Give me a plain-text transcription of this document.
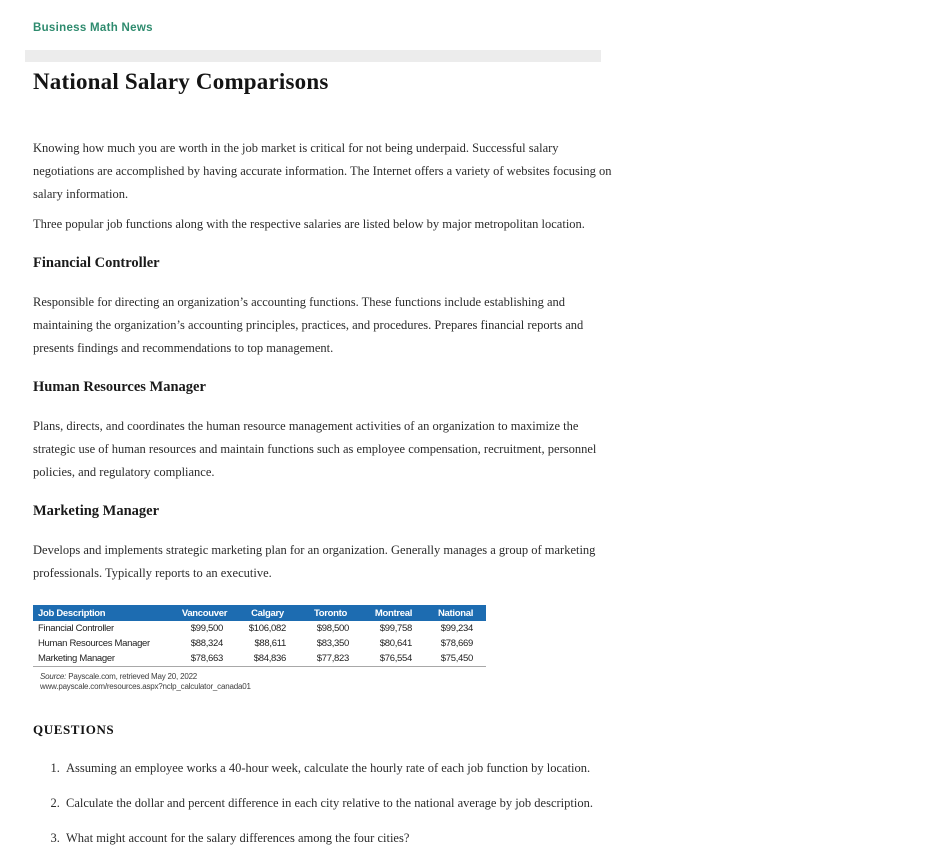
Business Math News
National Salary Comparisons

Knowing how much you are worth in the job market is critical for not being underpaid. Successful salary negotiations are accomplished by having accurate information. The Internet offers a variety of websites focusing on salary information.

Three popular job functions along with the respective salaries are listed below by major metropolitan location.

Financial Controller

Responsible for directing an organization’s accounting functions. These functions include establishing and maintaining the organization’s accounting principles, practices, and procedures. Prepares financial reports and presents findings and recommendations to top management.

Human Resources Manager

Plans, directs, and coordinates the human resource management activities of an organization to maximize the strategic use of human resources and maintain functions such as employee compensation, recruitment, personnel policies, and regulatory compliance.

Marketing Manager

Develops and implements strategic marketing plan for an organization. Generally manages a group of marketing professionals. Typically reports to an executive.

Job Description	Vancouver	Calgary	Toronto	Montreal	National
Financial Controller	$99,500	$106,082	$98,500	$99,758	$99,234
Human Resources Manager	$88,324	$88,611	$83,350	$80,641	$78,669
Marketing Manager	$78,663	$84,836	$77,823	$76,554	$75,450
Source: Payscale.com, retrieved May 20, 2022
www.payscale.com/resources.aspx?nclp_calculator_canada01
QUESTIONS
1. Assuming an employee works a 40-hour week, calculate the hourly rate of each job function by location.
2. Calculate the dollar and percent difference in each city relative to the national average by job description.
3. What might account for the salary differences among the four cities?
